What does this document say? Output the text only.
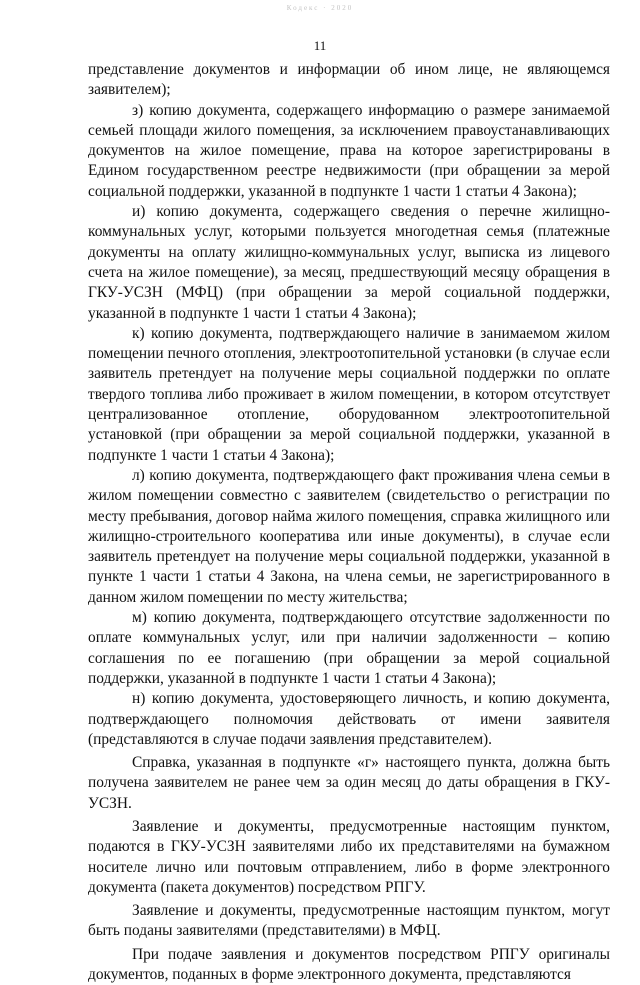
Кодекс · 2020
11

представление документов и информации об ином лице, не являющемся заявителем);

з) копию документа, содержащего информацию о размере занимаемой семьей площади жилого помещения, за исключением правоустанавливающих документов на жилое помещение, права на которое зарегистрированы в Едином государственном реестре недвижимости (при обращении за мерой социальной поддержки, указанной в подпункте 1 части 1 статьи 4 Закона);

и) копию документа, содержащего сведения о перечне жилищно-коммунальных услуг, которыми пользуется многодетная семья (платежные документы на оплату жилищно-коммунальных услуг, выписка из лицевого счета на жилое помещение), за месяц, предшествующий месяцу обращения в ГКУ-УСЗН (МФЦ) (при обращении за мерой социальной поддержки, указанной в подпункте 1 части 1 статьи 4 Закона);

к) копию документа, подтверждающего наличие в занимаемом жилом помещении печного отопления, электроотопительной установки (в случае если заявитель претендует на получение меры социальной поддержки по оплате твердого топлива либо проживает в жилом помещении, в котором отсутствует централизованное отопление, оборудованном электроотопительной установкой (при обращении за мерой социальной поддержки, указанной в подпункте 1 части 1 статьи 4 Закона);

л) копию документа, подтверждающего факт проживания члена семьи в жилом помещении совместно с заявителем (свидетельство о регистрации по месту пребывания, договор найма жилого помещения, справка жилищного или жилищно-строительного кооператива или иные документы), в случае если заявитель претендует на получение меры социальной поддержки, указанной в пункте 1 части 1 статьи 4 Закона, на члена семьи, не зарегистрированного в данном жилом помещении по месту жительства;

м) копию документа, подтверждающего отсутствие задолженности по оплате коммунальных услуг, или при наличии задолженности – копию соглашения по ее погашению (при обращении за мерой социальной поддержки, указанной в подпункте 1 части 1 статьи 4 Закона);

н) копию документа, удостоверяющего личность, и копию документа, подтверждающего полномочия действовать от имени заявителя (представляются в случае подачи заявления представителем).

Справка, указанная в подпункте «г» настоящего пункта, должна быть получена заявителем не ранее чем за один месяц до даты обращения в ГКУ-УСЗН.

Заявление и документы, предусмотренные настоящим пунктом, подаются в ГКУ-УСЗН заявителями либо их представителями на бумажном носителе лично или почтовым отправлением, либо в форме электронного документа (пакета документов) посредством РПГУ.

Заявление и документы, предусмотренные настоящим пунктом, могут быть поданы заявителями (представителями) в МФЦ.

При подаче заявления и документов посредством РПГУ оригиналы документов, поданных в форме электронного документа, представляются
